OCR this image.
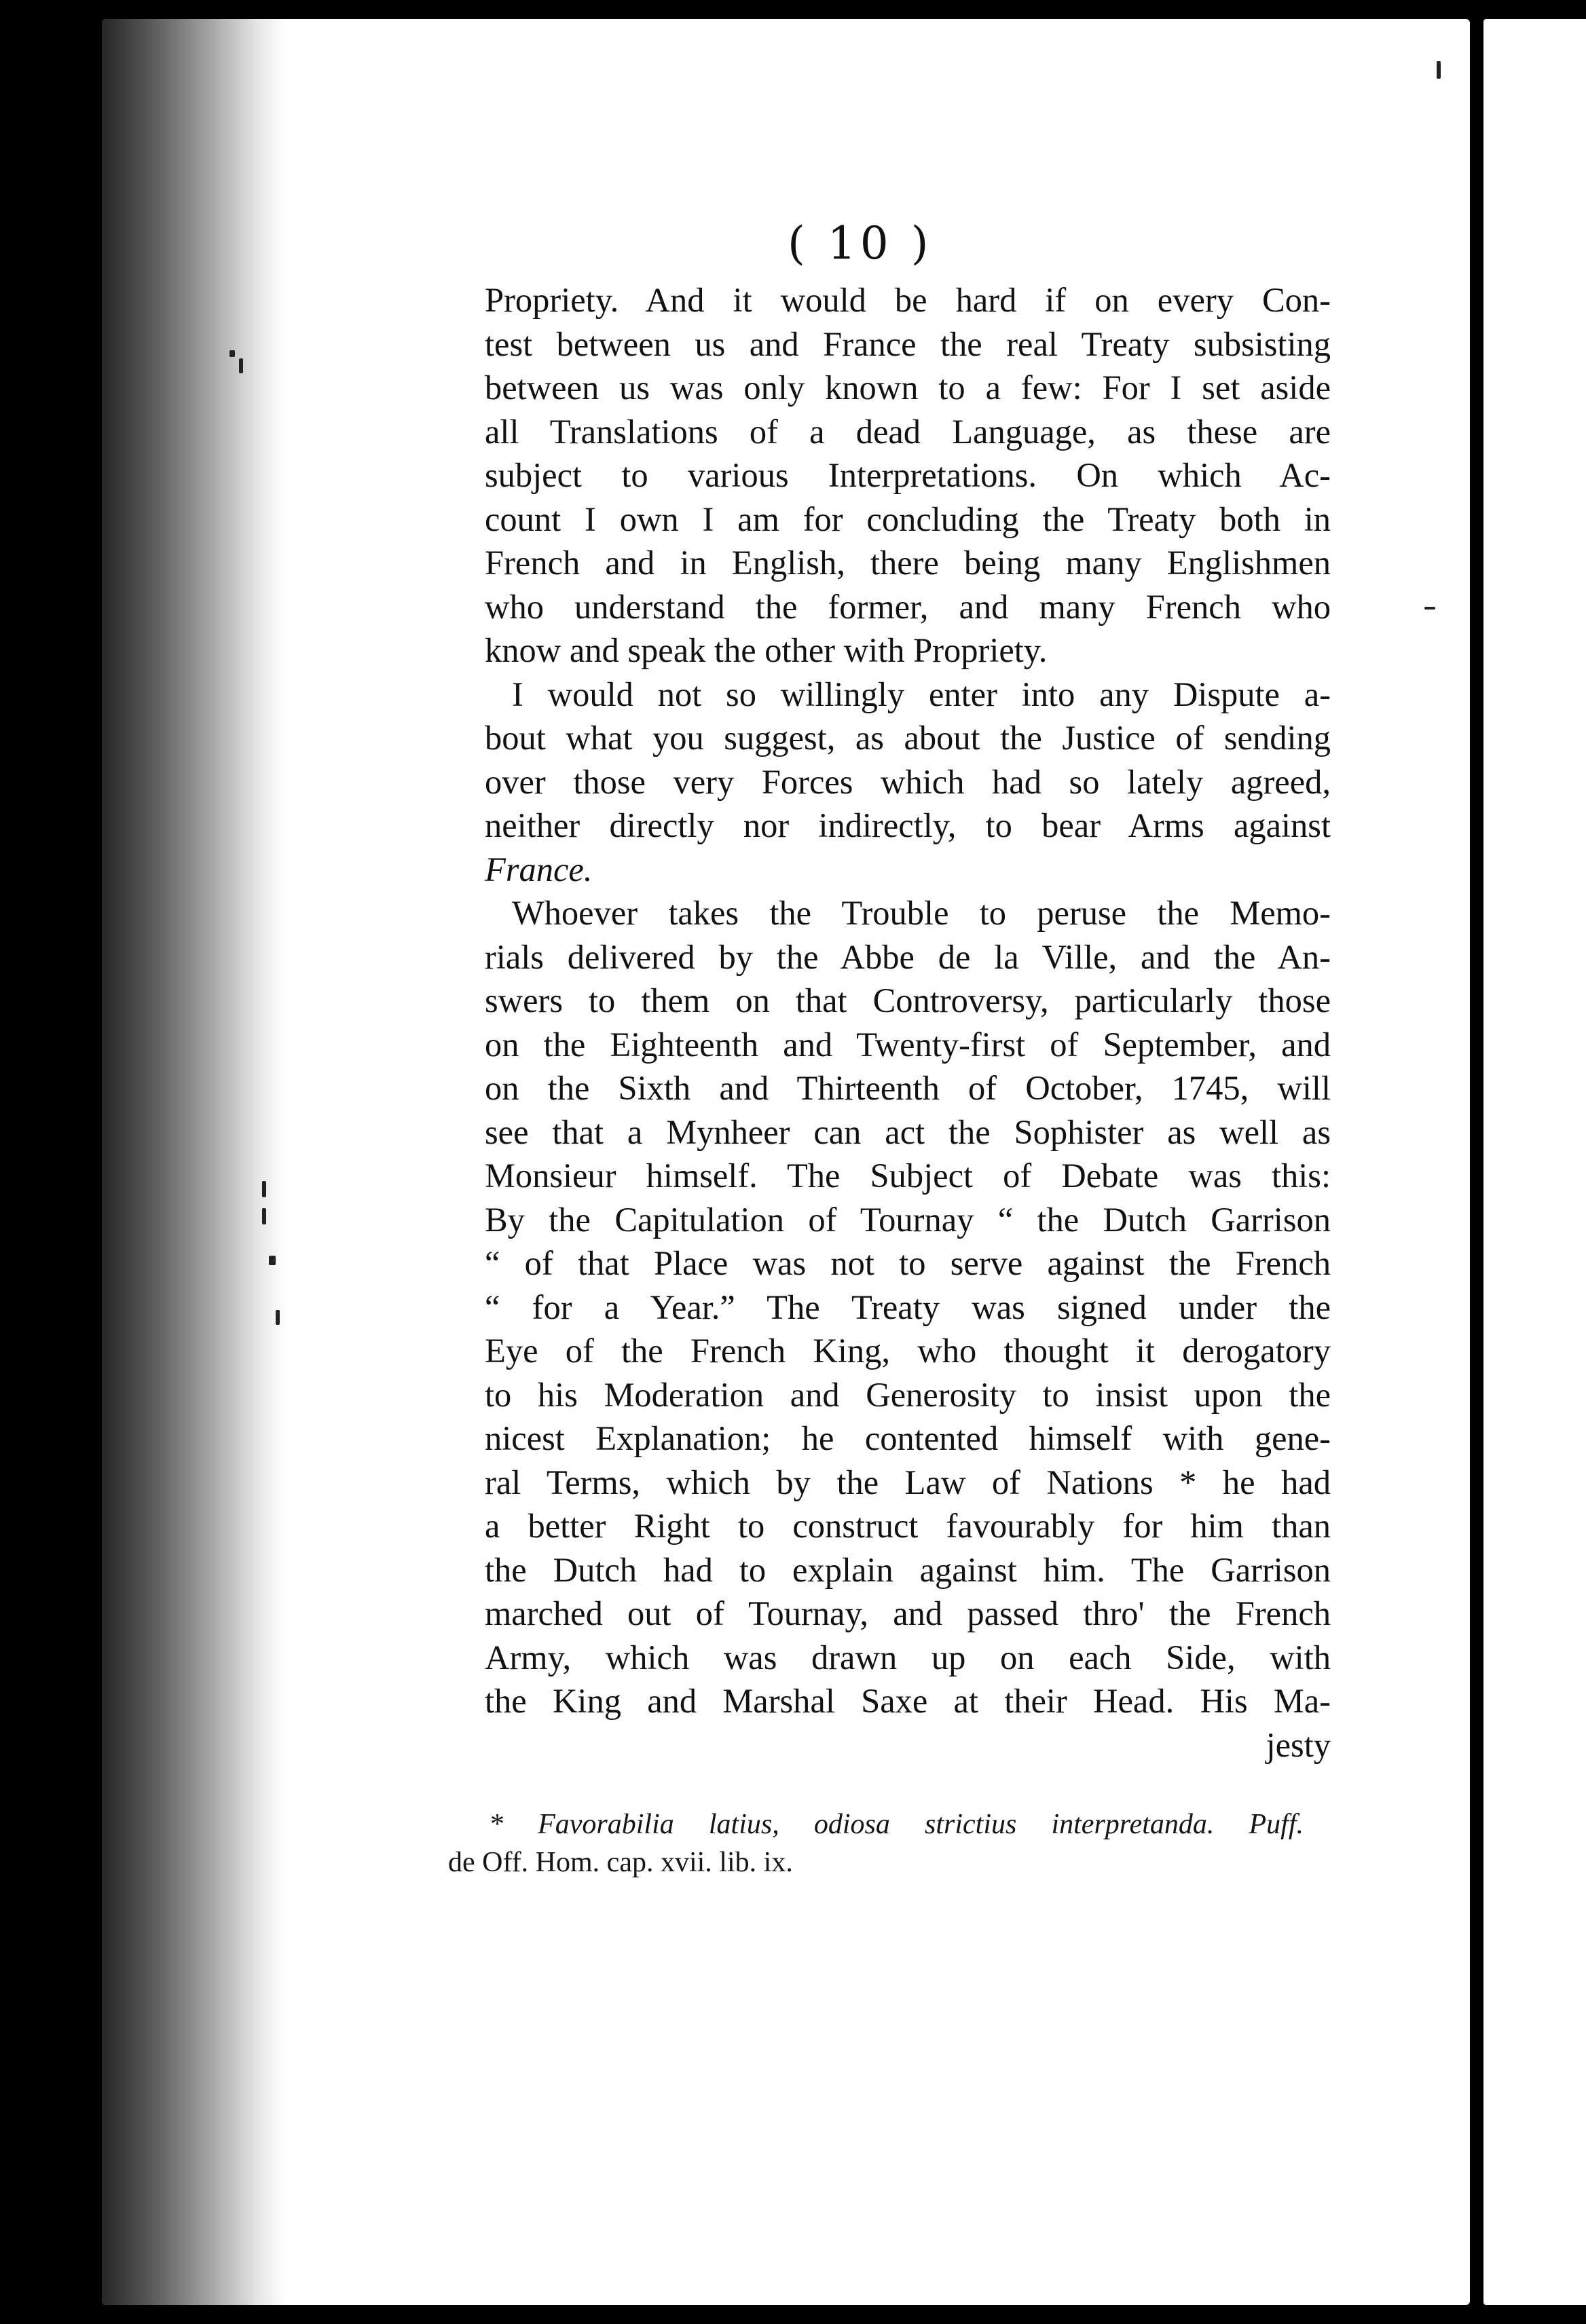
( 10 )
Propriety. And it would be hard if on every Con-
test between us and France the real Treaty subsisting
between us was only known to a few: For I set aside
all Translations of a dead Language, as these are
subject to various Interpretations. On which Ac-
count I own I am for concluding the Treaty both in
French and in English, there being many Englishmen
who understand the former, and many French who
know and speak the other with Propriety.
I would not so willingly enter into any Dispute a-
bout what you suggest, as about the Justice of sending
over those very Forces which had so lately agreed,
neither directly nor indirectly, to bear Arms against
France.
Whoever takes the Trouble to peruse the Memo-
rials delivered by the Abbe de la Ville, and the An-
swers to them on that Controversy, particularly those
on the Eighteenth and Twenty-first of September, and
on the Sixth and Thirteenth of October, 1745, will
see that a Mynheer can act the Sophister as well as
Monsieur himself. The Subject of Debate was this:
By the Capitulation of Tournay “ the Dutch Garrison
“ of that Place was not to serve against the French
“ for a Year.” The Treaty was signed under the
Eye of the French King, who thought it derogatory
to his Moderation and Generosity to insist upon the
nicest Explanation; he contented himself with gene-
ral Terms, which by the Law of Nations * he had
a better Right to construct favourably for him than
the Dutch had to explain against him. The Garrison
marched out of Tournay, and passed thro' the French
Army, which was drawn up on each Side, with
the King and Marshal Saxe at their Head. His Ma-
jesty
* Favorabilia latius, odiosa strictius interpretanda. Puff.
de Off. Hom. cap. xvii. lib. ix.
